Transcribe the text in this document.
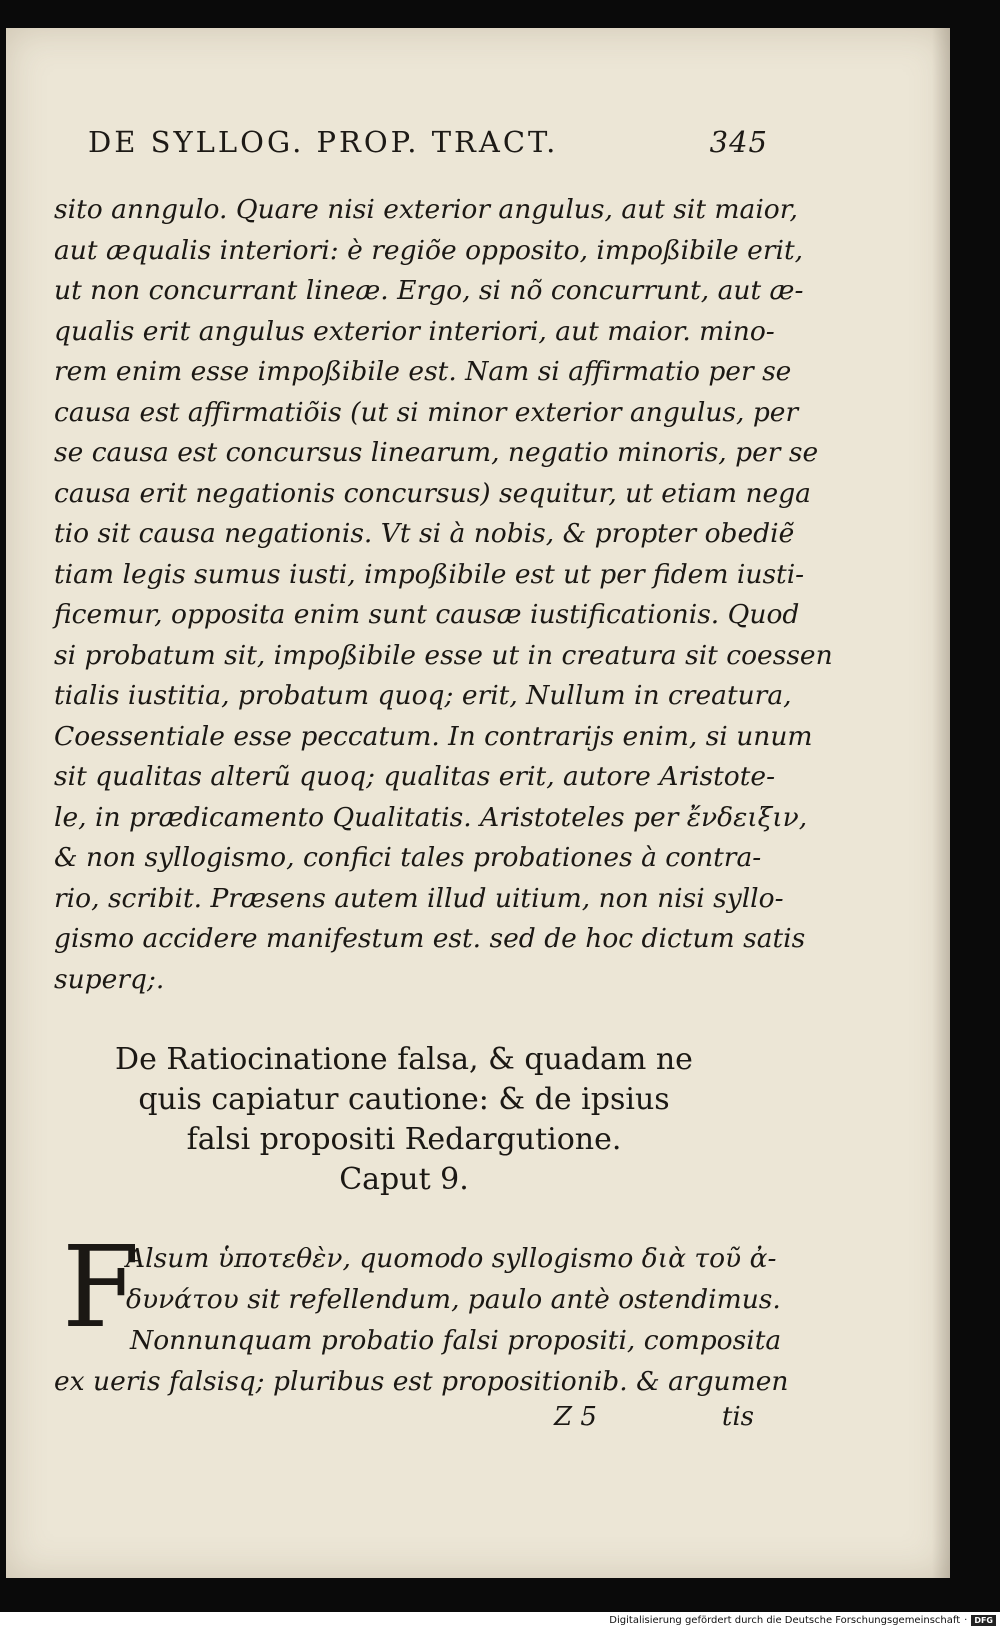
DE SYLLOG. PROP. TRACT.	345
sito anngulo. Quare nisi exterior angulus, aut sit maior,
aut æqualis interiori: è regiõe opposito, impoßibile erit,
ut non concurrant lineæ. Ergo, si nõ concurrunt, aut æ-
qualis erit angulus exterior interiori, aut maior. mino-
rem enim esse impoßibile est. Nam si affirmatio per se
causa est affirmatiõis (ut si minor exterior angulus, per
se causa est concursus linearum, negatio minoris, per se
causa erit negationis concursus) sequitur, ut etiam nega
tio sit causa negationis. Vt si à nobis, & propter obediẽ
tiam legis sumus iusti, impoßibile est ut per fidem iusti-
ficemur, opposita enim sunt causæ iustificationis. Quod
si probatum sit, impoßibile esse ut in creatura sit coessen
tialis iustitia, probatum quoq; erit, Nullum in creatura,
Coessentiale esse peccatum. In contrarijs enim, si unum
sit qualitas alterũ quoq; qualitas erit, autore Aristote-
le, in prædicamento Qualitatis. Aristoteles per ἔνδειξιν,
& non syllogismo, confici tales probationes à contra-
rio, scribit. Præsens autem illud uitium, non nisi syllo-
gismo accidere manifestum est. sed de hoc dictum satis
superq;.
De Ratiocinatione falsa, & quadam ne
quis capiatur cautione: & de ipsius
falsi propositi Redargutione.
Caput 9.
F
Alsum ὑποτεθὲν, quomodo syllogismo διὰ τοῦ ἀ-
δυνάτου sit refellendum, paulo antè ostendimus.
Nonnunquam probatio falsi propositi, composita
ex ueris falsisq; pluribus est propositionib. & argumen
Z 5	tis
Digitalisierung gefördert durch die Deutsche Forschungsgemeinschaft · DFG
